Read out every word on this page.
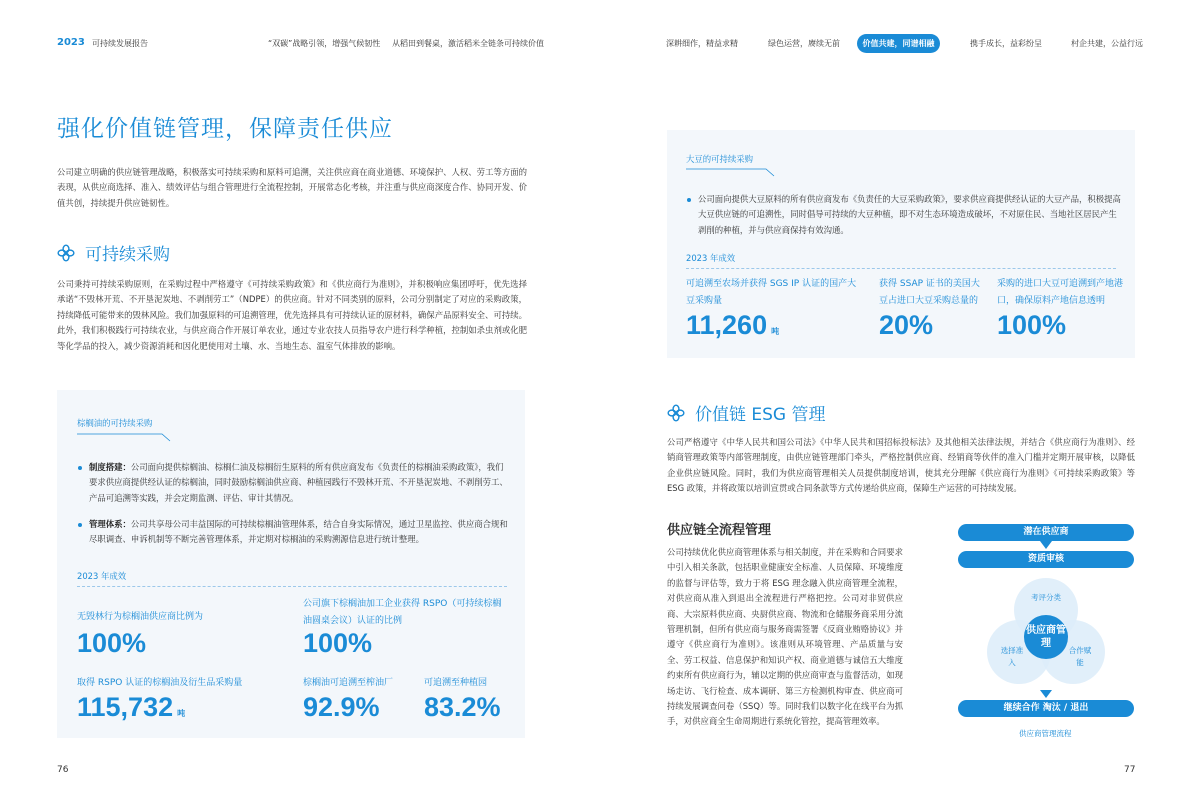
2023 可持续发展报告	“双碳”战略引领，增强气候韧性 从稻田到餐桌，激活稻米全链条可持续价值	深耕细作，精益求精	绿色运营，赓续无前	价值共建，同谱相融	携手成长，益彩纷呈	村企共建，公益行远
强化价值链管理，保障责任供应
公司建立明确的供应链管理战略，积极落实可持续采购和原料可追溯，关注供应商在商业道德、环境保护、人权、劳工等方面的表现，从供应商选择、准入、绩效评估与组合管理进行全流程控制，开展常态化考核，并注重与供应商深度合作、协同开发、价值共创，持续提升供应链韧性。
可持续采购
公司秉持可持续采购原则，在采购过程中严格遵守《可持续采购政策》和《供应商行为准则》，并积极响应集团呼吁，优先选择承诺“不毁林开荒、不开垦泥炭地、不剥削劳工”（NDPE）的供应商。针对不同类别的原料，公司分别制定了对应的采购政策，持续降低可能带来的毁林风险。我们加强原料的可追溯管理，优先选择具有可持续认证的原材料，确保产品原料安全、可持续。此外，我们积极践行可持续农业，与供应商合作开展订单农业，通过专业农技人员指导农户进行科学种植，控制如杀虫剂或化肥等化学品的投入，减少资源消耗和因化肥使用对土壤、水、当地生态、温室气体排放的影响。
棕榈油的可持续采购
制度搭建：公司面向提供棕榈油、棕榈仁油及棕榈衍生原料的所有供应商发布《负责任的棕榈油采购政策》，我们要求供应商提供经认证的棕榈油，同时鼓励棕榈油供应商、种植园践行不毁林开荒、不开垦泥炭地、不剥削劳工、产品可追溯等实践，并会定期监测、评估、审计其情况。
管理体系：公司共享母公司丰益国际的可持续棕榈油管理体系，结合自身实际情况，通过卫星监控、供应商合规和尽职调查、申诉机制等不断完善管理体系，并定期对棕榈油的采购溯源信息进行统计整理。
2023 年成效
无毁林行为棕榈油供应商比例为
100%
公司旗下棕榈油加工企业获得 RSPO（可持续棕榈油圆桌会议）认证的比例
100%
取得 RSPO 认证的棕榈油及衍生品采购量
115,732 吨
棕榈油可追溯至榨油厂
92.9%
可追溯至种植园
83.2%
76
大豆的可持续采购
公司面向提供大豆原料的所有供应商发布《负责任的大豆采购政策》，要求供应商提供经认证的大豆产品，积极提高大豆供应链的可追溯性，同时倡导可持续的大豆种植，即不对生态环境造成破坏，不对原住民、当地社区居民产生剥削的种植，并与供应商保持有效沟通。
2023 年成效
可追溯至农场并获得 SGS IP 认证的国产大豆采购量
11,260 吨
获得 SSAP 证书的美国大豆占进口大豆采购总量的
20%
采购的进口大豆可追溯到产地港口，确保原料产地信息透明
100%
价值链 ESG 管理
公司严格遵守《中华人民共和国公司法》《中华人民共和国招标投标法》及其他相关法律法规，并结合《供应商行为准则》、经销商管理政策等内部管理制度，由供应链管理部门牵头，严格控制供应商、经销商等伙伴的准入门槛并定期开展审核，以降低企业供应链风险。同时，我们为供应商管理相关人员提供制度培训，使其充分理解《供应商行为准则》《可持续采购政策》等 ESG 政策，并将政策以培训宣贯或合同条款等方式传递给供应商，保障生产运营的可持续发展。
供应链全流程管理
公司持续优化供应商管理体系与相关制度，并在采购和合同要求中引入相关条款，包括职业健康安全标准、人员保障、环境维度的监督与评估等，致力于将 ESG 理念融入供应商管理全流程，对供应商从准入到退出全流程进行严格把控。公司对非贸供应商、大宗原料供应商、央厨供应商、物流和仓储服务商采用分流管理机制，但所有供应商与服务商需签署《反商业贿赂协议》并遵守《供应商行为准则》。该准则从环境管理、产品质量与安全、劳工权益、信息保护和知识产权、商业道德与诚信五大维度约束所有供应商行为，辅以定期的供应商审查与监督活动，如现场走访、飞行检查、成本调研、第三方检测机构审查、供应商可持续发展调查问卷（SSQ）等。同时我们以数字化在线平台为抓手，对供应商全生命周期进行系统化管控，提高管理效率。
潜在供应商
资质审核
考评分类
选择准入
合作赋能
供应商管理
继续合作 淘汰 / 退出
供应商管理流程
77
